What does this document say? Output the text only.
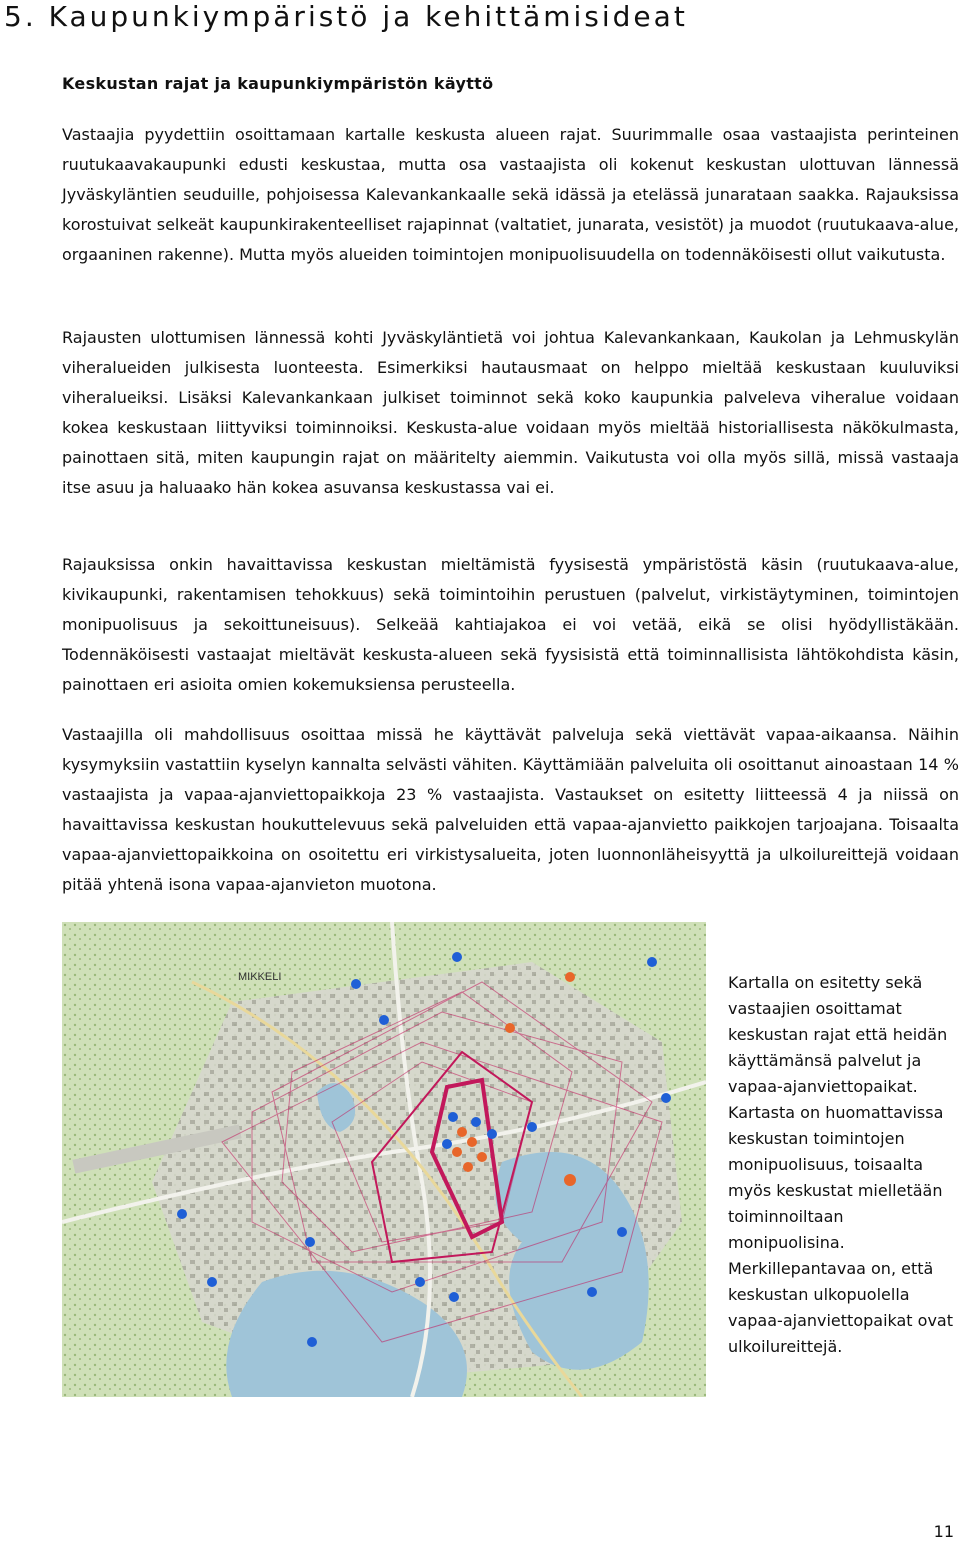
5. Kaupunkiympäristö ja kehittämisideat
Keskustan rajat ja kaupunkiympäristön käyttö

Vastaajia pyydettiin osoittamaan kartalle keskusta alueen rajat. Suurimmalle osaa vastaajista perinteinen ruutukaavakaupunki edusti keskustaa, mutta osa vastaajista oli kokenut keskustan ulottuvan lännessä Jyväskyläntien seuduille, pohjoisessa Kalevankankaalle sekä idässä ja etelässä junarataan saakka. Rajauksissa korostuivat selkeät kaupunkirakenteelliset rajapinnat (valtatiet, junarata, vesistöt) ja muodot (ruutukaava-alue, orgaaninen rakenne). Mutta myös alueiden toimintojen monipuolisuudella on todennäköisesti ollut vaikutusta.

Rajausten ulottumisen lännessä kohti Jyväskyläntietä voi johtua Kalevankankaan, Kaukolan ja Lehmuskylän viheralueiden julkisesta luonteesta. Esimerkiksi hautausmaat on helppo mieltää keskustaan kuuluviksi viheralueiksi. Lisäksi Kalevankankaan julkiset toiminnot sekä koko kaupunkia palveleva viheralue voidaan kokea keskustaan liittyviksi toiminnoiksi. Keskusta-alue voidaan myös mieltää historiallisesta näkökulmasta, painottaen sitä, miten kaupungin rajat on määritelty aiemmin. Vaikutusta voi olla myös sillä, missä vastaaja itse asuu ja haluaako hän kokea asuvansa keskustassa vai ei.

Rajauksissa onkin havaittavissa keskustan mieltämistä fyysisestä ympäristöstä käsin (ruutukaava-alue, kivikaupunki, rakentamisen tehokkuus) sekä toimintoihin perustuen (palvelut, virkistäytyminen, toimintojen monipuolisuus ja sekoittuneisuus). Selkeää kahtiajakoa ei voi vetää, eikä se olisi hyödyllistäkään. Todennäköisesti vastaajat mieltävät keskusta-alueen sekä fyysisistä että toiminnallisista lähtökohdista käsin, painottaen eri asioita omien kokemuksiensa perusteella.

Vastaajilla oli mahdollisuus osoittaa missä he käyttävät palveluja sekä viettävät vapaa-aikaansa. Näihin kysymyksiin vastattiin kyselyn kannalta selvästi vähiten. Käyttämiään palveluita oli osoittanut ainoastaan 14 % vastaajista ja vapaa-ajanviettopaikkoja 23 % vastaajista. Vastaukset on esitetty liitteessä 4 ja niissä on havaittavissa keskustan houkuttelevuus sekä palveluiden että vapaa-ajanvietto paikkojen tarjoajana. Toisaalta vapaa-ajanviettopaikkoina on osoitettu eri virkistysalueita, joten luonnonläheisyyttä ja ulkoilureittejä voidaan pitää yhtenä isona vapaa-ajanvieton muotona.

MIKKELI	Kartalla on esitetty sekä vastaajien osoittamat keskustan rajat että heidän käyttämänsä palvelut ja vapaa-ajanviettopaikat. Kartasta on huomattavissa keskustan toimintojen monipuolisuus, toisaalta myös keskustat mielletään toiminnoiltaan monipuolisina. Merkillepantavaa on, että keskustan ulkopuolella vapaa-ajanviettopaikat ovat ulkoilureittejä.

11
